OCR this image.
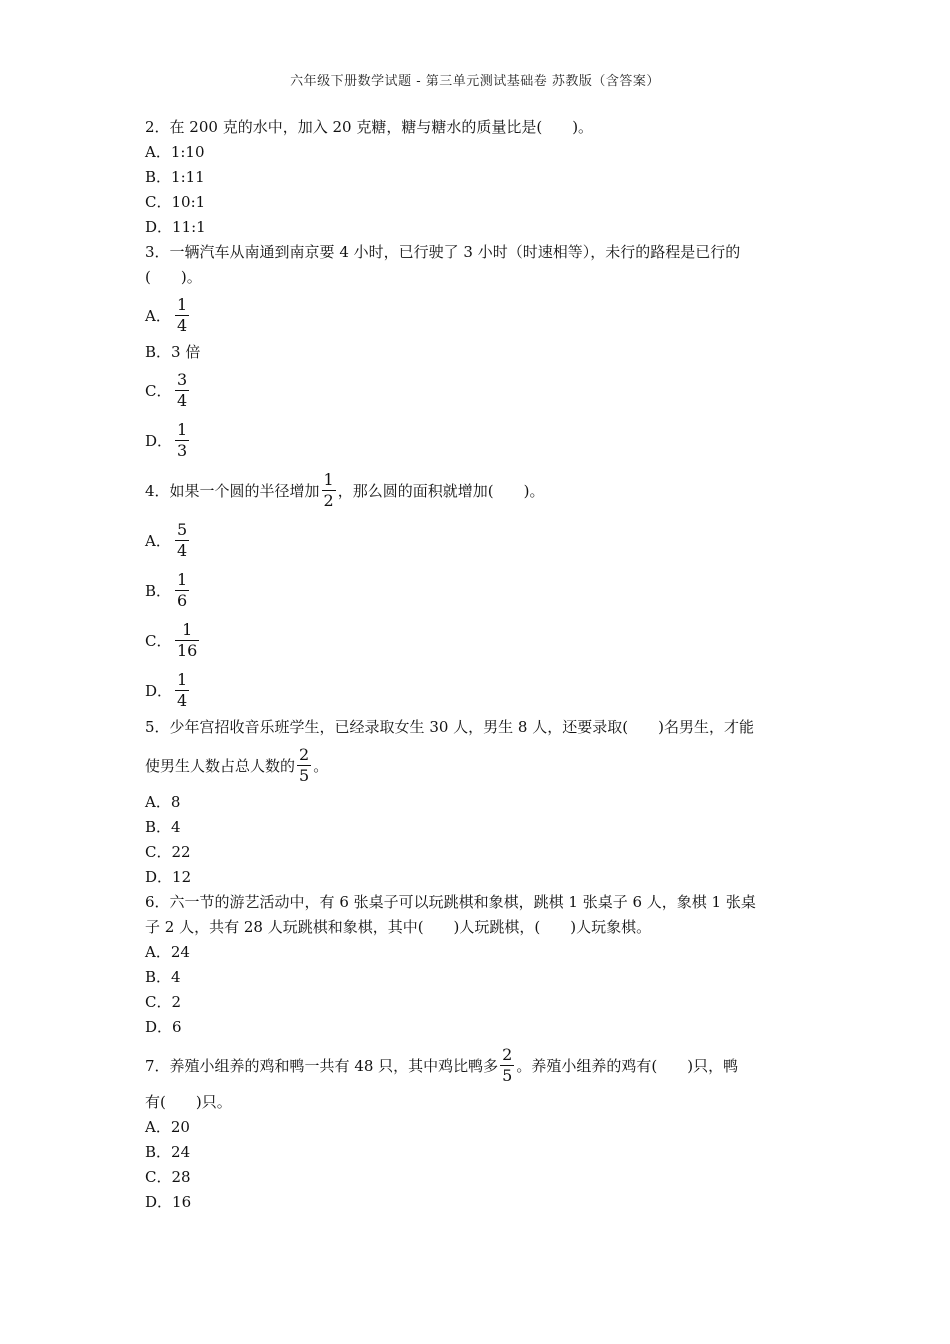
六年级下册数学试题 - 第三单元测试基础卷 苏教版（含答案）
2．在 200 克的水中，加入 20 克糖，糖与糖水的质量比是(　　)。
A．1:10
B．1:11
C．10:1
D．11:1
3．一辆汽车从南通到南京要 4 小时，已行驶了 3 小时（时速相等），未行的路程是已行的
(　　)。
A． $\frac{1}{4}$
B．3 倍
C． $\frac{3}{4}$
D． $\frac{1}{3}$
4．如果一个圆的半径增加 $\frac{1}{2}$ ，那么圆的面积就增加(　　)。
A． $\frac{5}{4}$
B． $\frac{1}{6}$
C． $\frac{1}{16}$
D． $\frac{1}{4}$
5．少年宫招收音乐班学生，已经录取女生 30 人，男生 8 人，还要录取(　　)名男生，才能
使男生人数占总人数的 $\frac{2}{5}$ 。
A．8
B．4
C．22
D．12
6．六一节的游艺活动中，有 6 张桌子可以玩跳棋和象棋，跳棋 1 张桌子 6 人，象棋 1 张桌
子 2 人，共有 28 人玩跳棋和象棋，其中(　　)人玩跳棋，(　　)人玩象棋。
A．24
B．4
C．2
D．6
7．养殖小组养的鸡和鸭一共有 48 只，其中鸡比鸭多 $\frac{2}{5}$ 。养殖小组养的鸡有(　　)只，鸭
有(　　)只。
A．20
B．24
C．28
D．16
